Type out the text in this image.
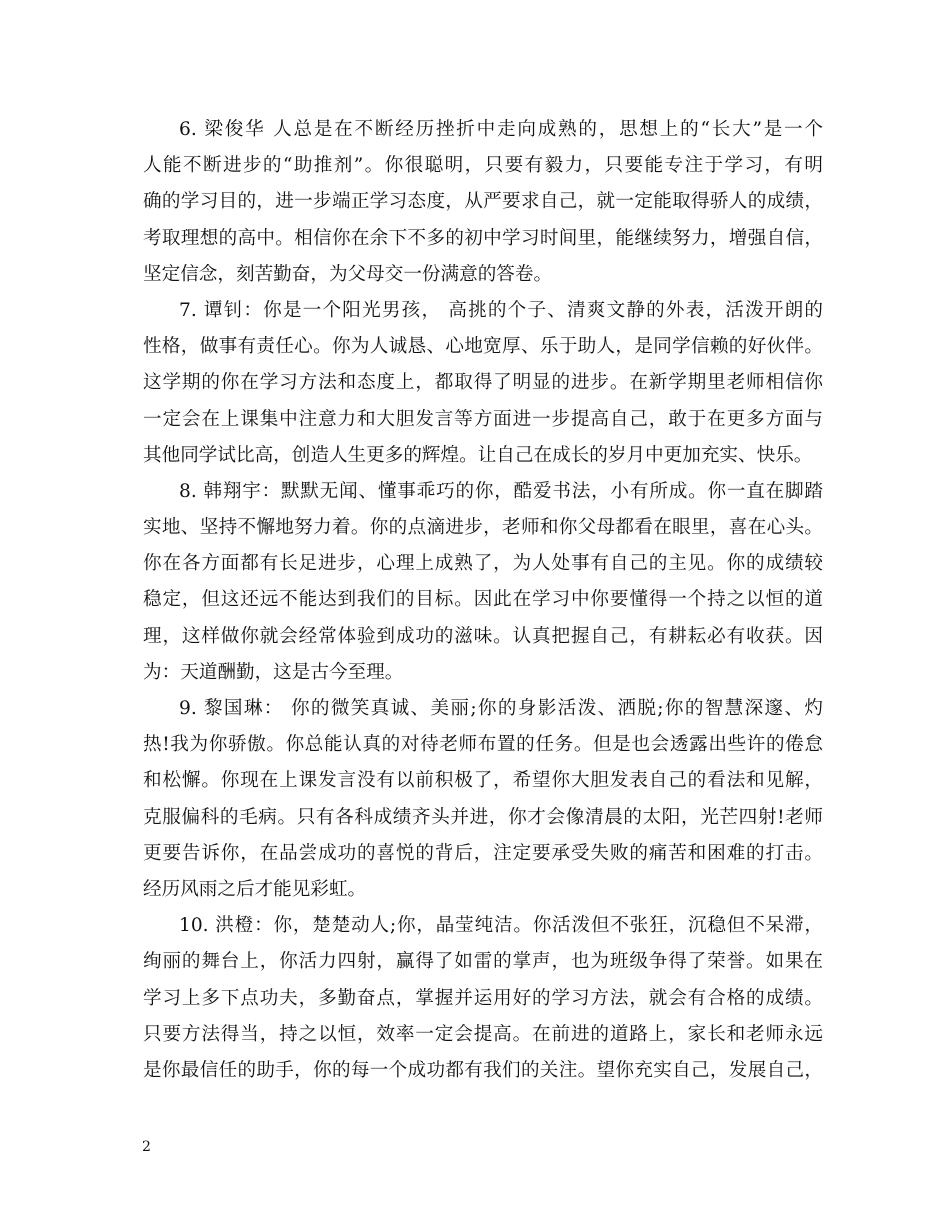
6. 梁俊华 人总是在不断经历挫折中走向成熟的，思想上的“长大”是一个
人能不断进步的“助推剂”。你很聪明，只要有毅力，只要能专注于学习，有明
确的学习目的，进一步端正学习态度，从严要求自己，就一定能取得骄人的成绩，
考取理想的高中。相信你在余下不多的初中学习时间里，能继续努力，增强自信，
坚定信念，刻苦勤奋，为父母交一份满意的答卷。
7. 谭钊：你是一个阳光男孩， 高挑的个子、清爽文静的外表，活泼开朗的
性格，做事有责任心。你为人诚恳、心地宽厚、乐于助人，是同学信赖的好伙伴。
这学期的你在学习方法和态度上，都取得了明显的进步。在新学期里老师相信你
一定会在上课集中注意力和大胆发言等方面进一步提高自己，敢于在更多方面与
其他同学试比高，创造人生更多的辉煌。让自己在成长的岁月中更加充实、快乐。
8. 韩翔宇：默默无闻、懂事乖巧的你，酷爱书法，小有所成。你一直在脚踏
实地、坚持不懈地努力着。你的点滴进步，老师和你父母都看在眼里，喜在心头。
你在各方面都有长足进步，心理上成熟了，为人处事有自己的主见。你的成绩较
稳定，但这还远不能达到我们的目标。因此在学习中你要懂得一个持之以恒的道
理，这样做你就会经常体验到成功的滋味。认真把握自己，有耕耘必有收获。因
为：天道酬勤，这是古今至理。
9. 黎国琳： 你的微笑真诚、美丽;你的身影活泼、洒脱;你的智慧深邃、灼
热!我为你骄傲。你总能认真的对待老师布置的任务。但是也会透露出些许的倦怠
和松懈。你现在上课发言没有以前积极了，希望你大胆发表自己的看法和见解，
克服偏科的毛病。只有各科成绩齐头并进，你才会像清晨的太阳，光芒四射!老师
更要告诉你，在品尝成功的喜悦的背后，注定要承受失败的痛苦和困难的打击。
经历风雨之后才能见彩虹。
10. 洪橙：你，楚楚动人;你，晶莹纯洁。你活泼但不张狂，沉稳但不呆滞，
绚丽的舞台上，你活力四射，赢得了如雷的掌声，也为班级争得了荣誉。如果在
学习上多下点功夫，多勤奋点，掌握并运用好的学习方法，就会有合格的成绩。
只要方法得当，持之以恒，效率一定会提高。在前进的道路上，家长和老师永远
是你最信任的助手，你的每一个成功都有我们的关注。望你充实自己，发展自己，
2
